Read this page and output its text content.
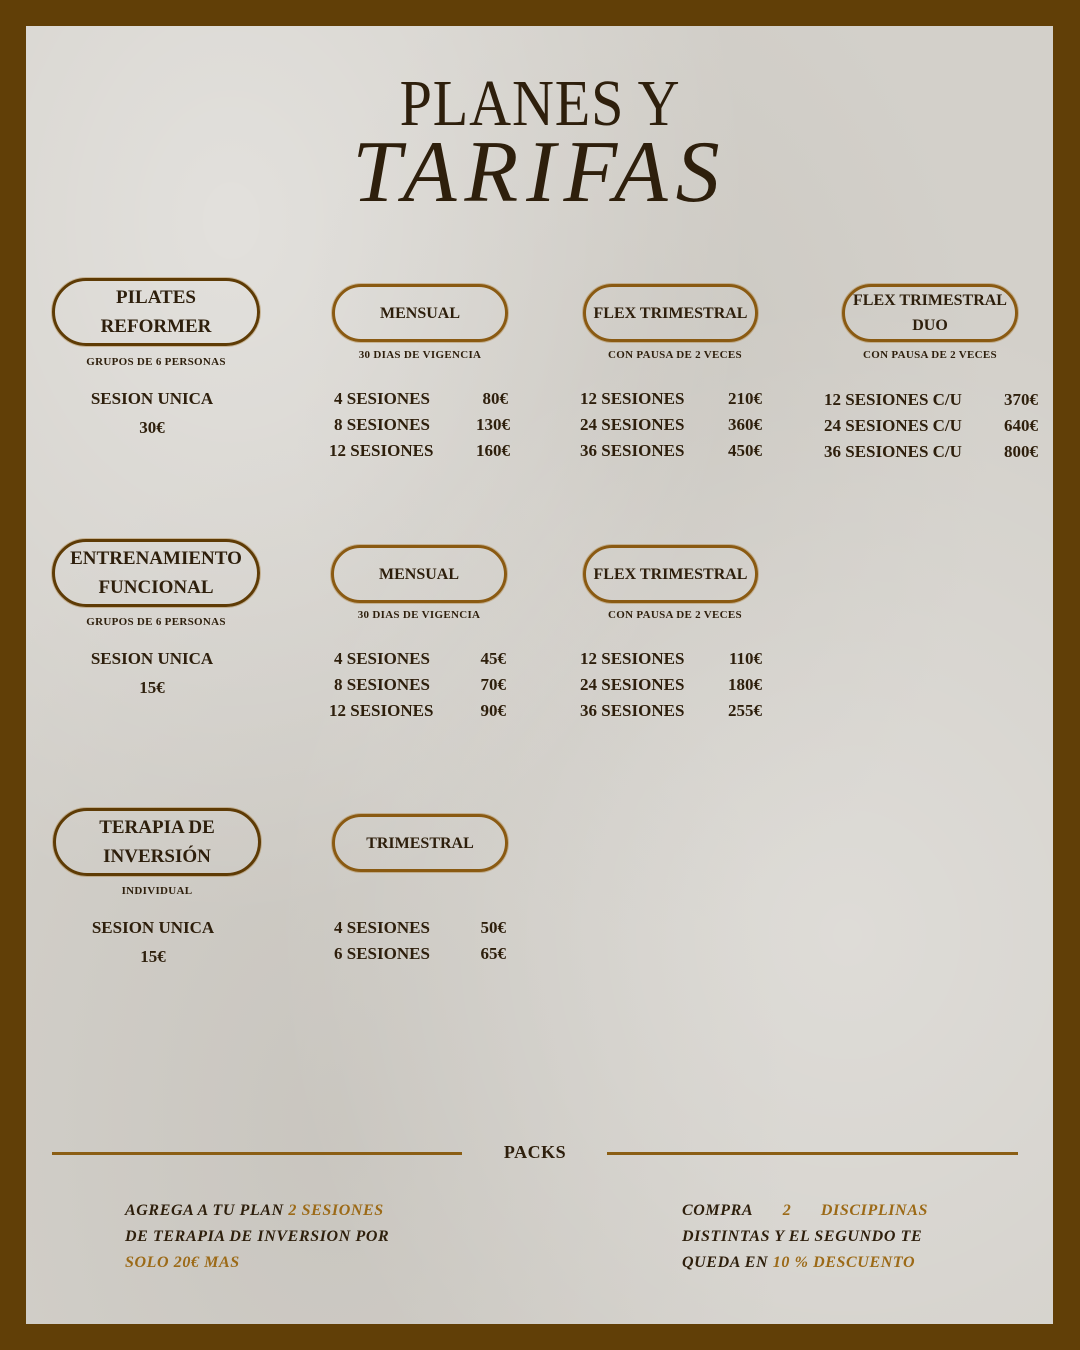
PLANES Y
TARIFAS
PILATES
REFORMER
GRUPOS DE 6 PERSONAS
SESION UNICA
30€
MENSUAL
30 DIAS DE VIGENCIA
4 SESIONES	80€
8 SESIONES	130€
12 SESIONES	160€
FLEX TRIMESTRAL
CON PAUSA DE 2 VECES
12 SESIONES	210€
24 SESIONES	360€
36 SESIONES	450€
FLEX TRIMESTRAL
DUO
CON PAUSA DE 2 VECES
12 SESIONES C/U	370€
24 SESIONES C/U	640€
36 SESIONES C/U	800€
ENTRENAMIENTO
FUNCIONAL
GRUPOS DE 6 PERSONAS
SESION UNICA
15€
MENSUAL
30 DIAS DE VIGENCIA
4 SESIONES	45€
8 SESIONES	70€
12 SESIONES	90€
FLEX TRIMESTRAL
CON PAUSA DE 2 VECES
12 SESIONES	110€
24 SESIONES	180€
36 SESIONES	255€
TERAPIA DE
INVERSIÓN
INDIVIDUAL
SESION UNICA
15€
TRIMESTRAL
4 SESIONES	50€
6 SESIONES	65€
PACKS
AGREGA A TU PLAN 2 SESIONES
DE TERAPIA DE INVERSION POR
SOLO 20€ MAS
COMPRA 2 DISCIPLINAS
DISTINTAS Y EL SEGUNDO TE
QUEDA EN 10 % DESCUENTO
